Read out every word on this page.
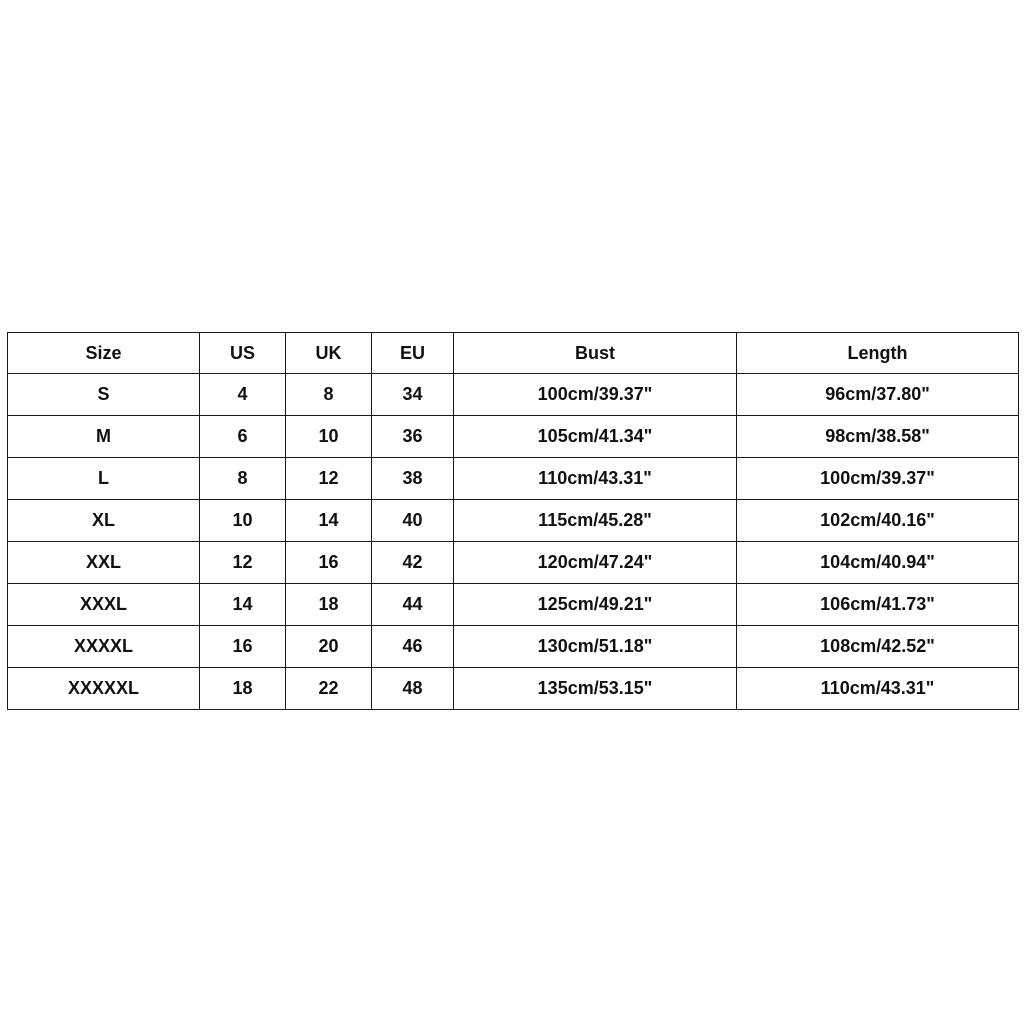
Size	US	UK	EU	Bust	Length
S	4	8	34	100cm/39.37"	96cm/37.80"
M	6	10	36	105cm/41.34"	98cm/38.58"
L	8	12	38	110cm/43.31"	100cm/39.37"
XL	10	14	40	115cm/45.28"	102cm/40.16"
XXL	12	16	42	120cm/47.24"	104cm/40.94"
XXXL	14	18	44	125cm/49.21"	106cm/41.73"
XXXXL	16	20	46	130cm/51.18"	108cm/42.52"
XXXXXL	18	22	48	135cm/53.15"	110cm/43.31"
